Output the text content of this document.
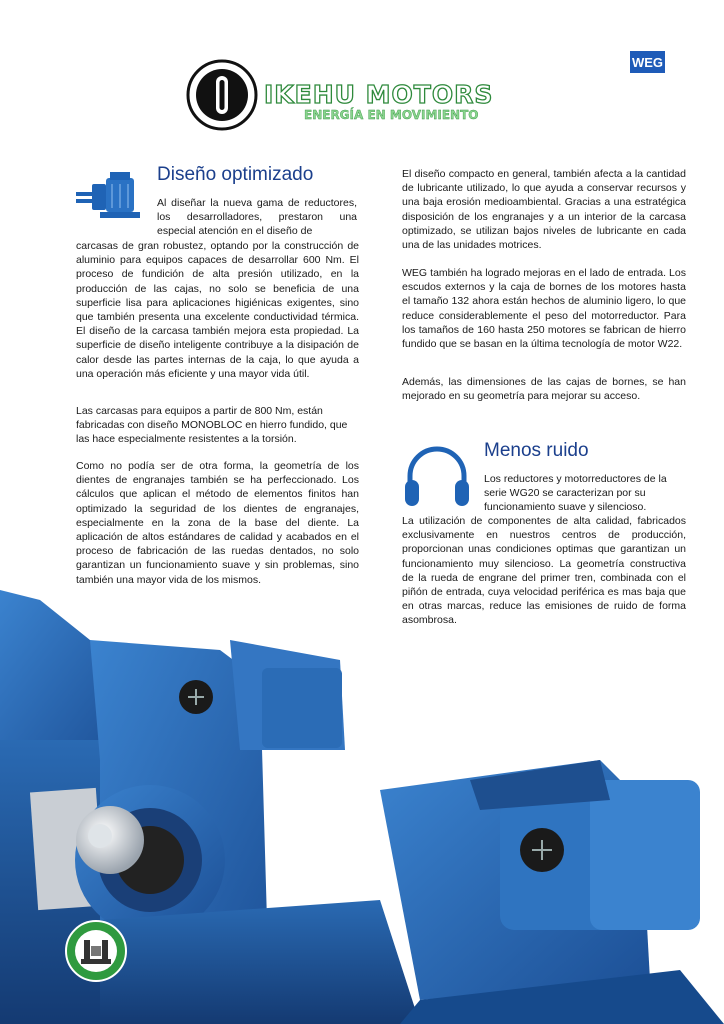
IKEHU MOTORS
ENERGÍA EN MOVIMIENTO
WEG
Diseño optimizado

Al diseñar la nueva gama de reductores, los desarrolladores, prestaron una especial atención en el diseño de

carcasas de gran robustez, optando por la construcción de aluminio para equipos capaces de desarrollar 600 Nm. El proceso de fundición de alta presión utilizado, en la producción de las cajas, no solo se beneficia de una superficie lisa para aplicaciones higiénicas exigentes, sino que también presenta una excelente conductividad térmica. El diseño de la carcasa también mejora esta propiedad. La superficie de diseño inteligente contribuye a la disipación de calor desde las partes internas de la caja, lo que ayuda a una operación más eficiente y una mayor vida útil.

Las carcasas para equipos a partir de 800 Nm, están fabricadas con diseño MONOBLOC en hierro fundido, que las hace especialmente resistentes a la torsión.

Como no podía ser de otra forma, la geometría de los dientes de engranajes también se ha perfeccionado. Los cálculos que aplican el método de elementos finitos han optimizado la seguridad de los dientes de engranajes, especialmente en la zona de la base del diente. La aplicación de altos estándares de calidad y acabados en el proceso de fabricación de las ruedas dentados, no solo garantizan un funcionamiento suave y sin problemas, sino también una mayor vida de los mismos.

El diseño compacto en general, también afecta a la cantidad de lubricante utilizado, lo que ayuda a conservar recursos y una baja erosión medioambiental. Gracias a una estratégica disposición de los engranajes y a un interior de la carcasa optimizado, se utilizan bajos niveles de lubricante en cada una de las unidades motrices.

WEG también ha logrado mejoras en el lado de entrada. Los escudos externos y la caja de bornes de los motores hasta el tamaño 132 ahora están hechos de aluminio ligero, lo que reduce considerablemente el peso del motorreductor. Para los tamaños de 160 hasta 250 motores se fabrican de hierro fundido que se basan en la última tecnología de motor W22.

Además, las dimensiones de las cajas de bornes, se han mejorado en su geometría para mejorar su acceso.

Menos ruido

Los reductores y motorreductores de la serie WG20 se caracterizan por su funcionamiento suave y silencioso.

La utilización de componentes de alta calidad, fabricados exclusivamente en nuestros centros de producción, proporcionan unas condiciones optimas que garantizan un funcionamiento muy silencioso. La geometría constructiva de la rueda de engrane del primer tren, combinada con el piñón de entrada, cuya velocidad periférica es mas baja que en otras marcas, reduce las emisiones de ruido de forma asombrosa.
